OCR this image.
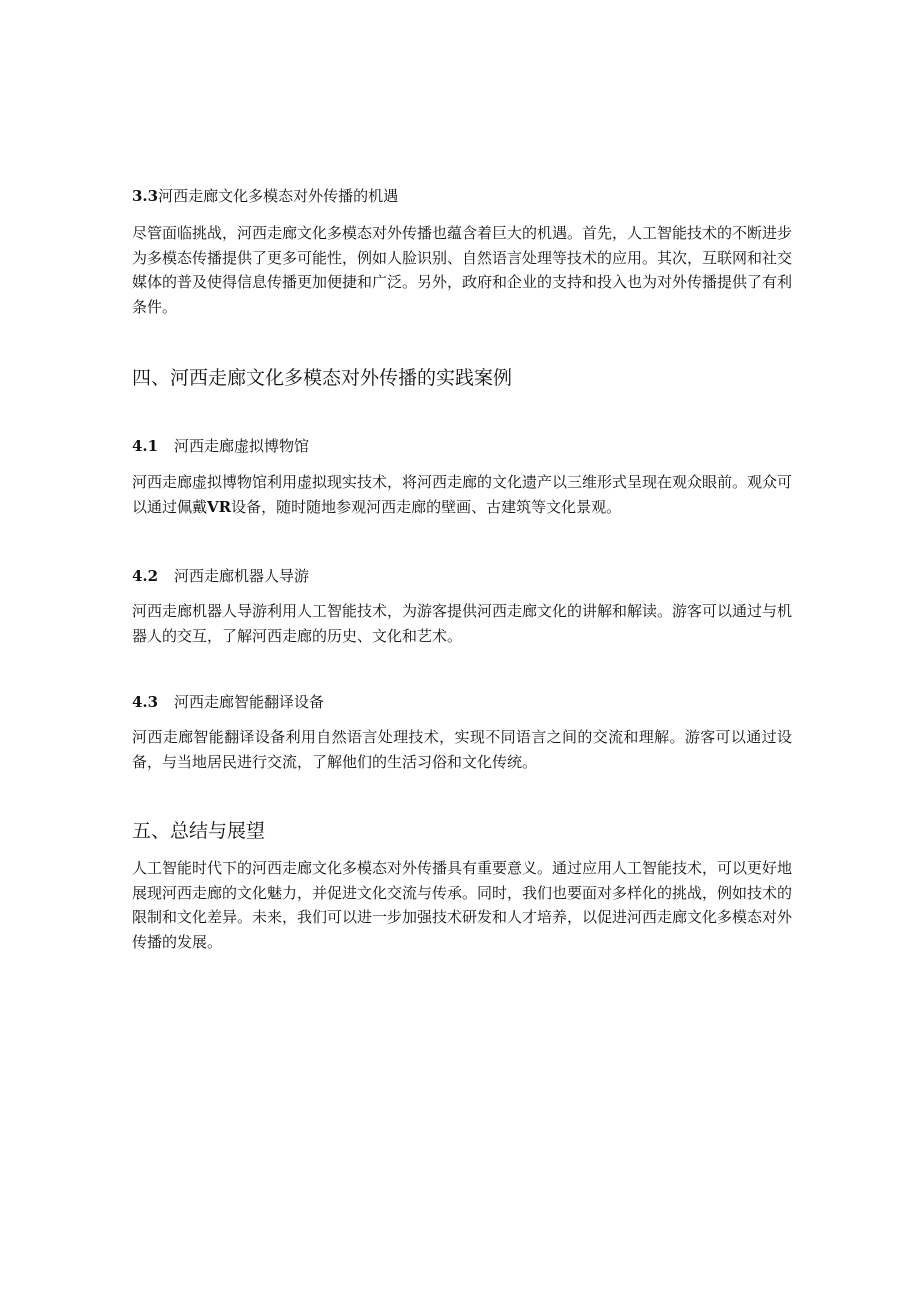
3.3河西走廊文化多模态对外传播的机遇
尽管面临挑战，河西走廊文化多模态对外传播也蕴含着巨大的机遇。首先，人工智能技术的不断进步为多模态传播提供了更多可能性，例如人脸识别、自然语言处理等技术的应用。其次，互联网和社交媒体的普及使得信息传播更加便捷和广泛。另外，政府和企业的支持和投入也为对外传播提供了有利条件。
四、河西走廊文化多模态对外传播的实践案例
4.1 河西走廊虚拟博物馆
河西走廊虚拟博物馆利用虚拟现实技术，将河西走廊的文化遗产以三维形式呈现在观众眼前。观众可以通过佩戴VR设备，随时随地参观河西走廊的壁画、古建筑等文化景观。
4.2 河西走廊机器人导游
河西走廊机器人导游利用人工智能技术，为游客提供河西走廊文化的讲解和解读。游客可以通过与机器人的交互，了解河西走廊的历史、文化和艺术。
4.3 河西走廊智能翻译设备
河西走廊智能翻译设备利用自然语言处理技术，实现不同语言之间的交流和理解。游客可以通过设备，与当地居民进行交流，了解他们的生活习俗和文化传统。
五、总结与展望
人工智能时代下的河西走廊文化多模态对外传播具有重要意义。通过应用人工智能技术，可以更好地展现河西走廊的文化魅力，并促进文化交流与传承。同时，我们也要面对多样化的挑战，例如技术的限制和文化差异。未来，我们可以进一步加强技术研发和人才培养，以促进河西走廊文化多模态对外传播的发展。
